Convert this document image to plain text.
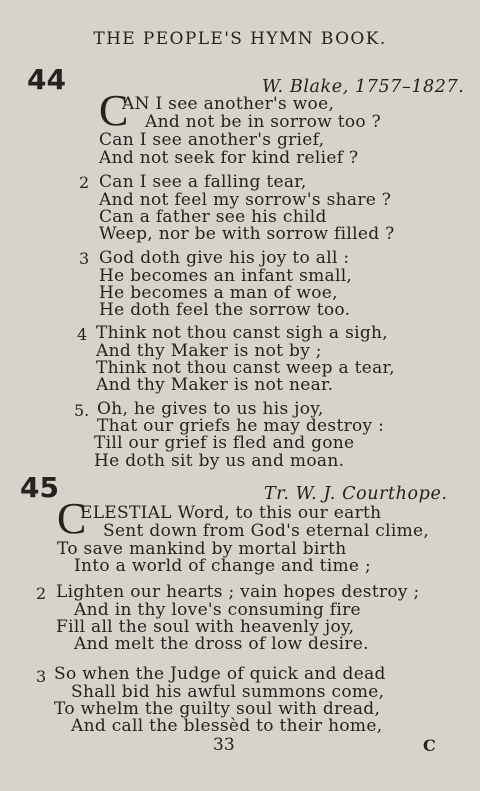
THE PEOPLE'S HYMN BOOK.
44	W. Blake, 1757–1827.
C
AN I see another's woe,
And not be in sorrow too ?
Can I see another's grief,
And not seek for kind relief ?
2 Can I see a falling tear,
And not feel my sorrow's share ?
Can a father see his child
Weep, nor be with sorrow filled ?
3 God doth give his joy to all :
He becomes an infant small,
He becomes a man of woe,
He doth feel the sorrow too.
4 Think not thou canst sigh a sigh,
And thy Maker is not by ;
Think not thou canst weep a tear,
And thy Maker is not near.
5. Oh, he gives to us his joy,
That our griefs he may destroy :
Till our grief is fled and gone
He doth sit by us and moan.
45	Tr. W. J. Courthope.
C
ELESTIAL Word, to this our earth
Sent down from God's eternal clime,
To save mankind by mortal birth
Into a world of change and time ;
2 Lighten our hearts ; vain hopes destroy ;
And in thy love's consuming fire
Fill all the soul with heavenly joy,
And melt the dross of low desire.
3 So when the Judge of quick and dead
Shall bid his awful summons come,
To whelm the guilty soul with dread,
And call the blessèd to their home,
33	C
